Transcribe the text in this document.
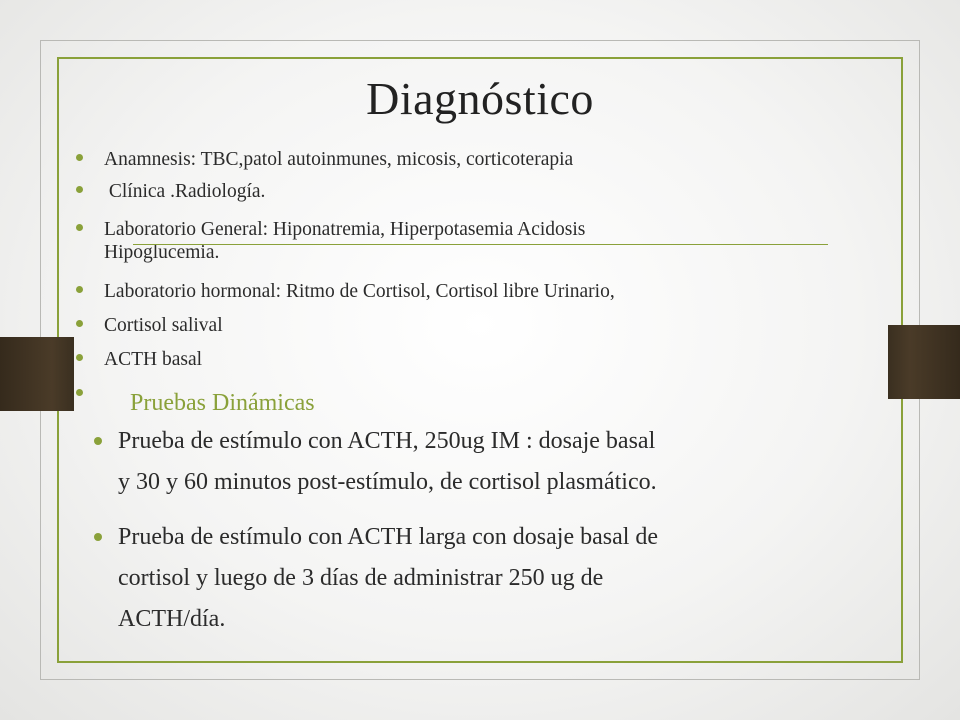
Diagnóstico
Anamnesis: TBC,patol autoinmunes, micosis, corticoterapia
Clínica .Radiología.
Laboratorio General: Hiponatremia, Hiperpotasemia Acidosis
Hipoglucemia.
Laboratorio hormonal: Ritmo de Cortisol, Cortisol libre Urinario,
Cortisol salival
ACTH basal
Pruebas Dinámicas
Prueba de estímulo con ACTH, 250ug IM : dosaje basal
y 30 y 60 minutos post-estímulo, de cortisol plasmático.
Prueba de estímulo con ACTH larga con dosaje basal de
cortisol y luego de 3 días de administrar 250 ug de
ACTH/día.
